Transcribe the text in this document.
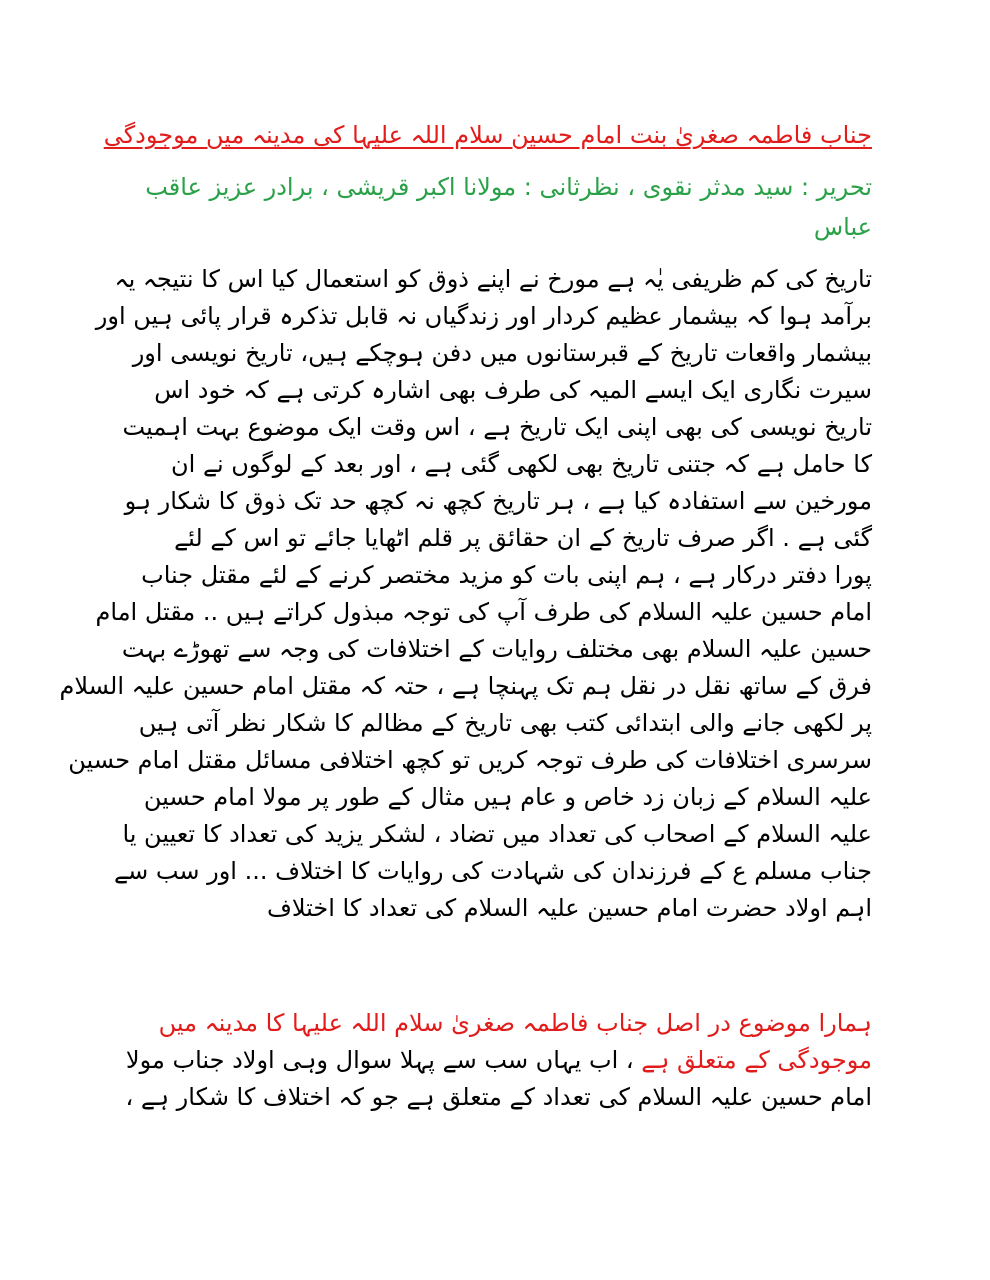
جناب فاطمہ صغریٰ بنت امام حسین سلام اللہ علیہا کی مدینہ میں موجودگی
تحریر : سید مدثر نقوی ، نظرثانی : مولانا اکبر قریشی ، برادر عزیز عاقب
عباس
تاریخ کی کم ظریفی یٰہ ہے مورخ نے اپنے ذوق کو استعمال کیا اس کا نتیجہ یہ
برآمد ہوا کہ بیشمار عظیم کردار اور زندگیاں نہ قابل تذکرہ قرار پائی ہیں اور
بیشمار واقعات تاریخ کے قبرستانوں میں دفن ہوچکے ہیں، تاریخ نویسی اور
سیرت نگاری ایک ایسے المیہ کی طرف بھی اشارہ کرتی ہے کہ خود اس
تاریخ نویسی کی بھی اپنی ایک تاریخ ہے ، اس وقت ایک موضوع بہت اہمیت
کا حامل ہے کہ جتنی تاریخ بھی لکھی گئی ہے ، اور بعد کے لوگوں نے ان
مورخین سے استفادہ کیا ہے ، ہر تاریخ کچھ نہ کچھ حد تک ذوق کا شکار ہو
گئی ہے . اگر صرف تاریخ کے ان حقائق پر قلم اٹھایا جائے تو اس کے لئے
پورا دفتر درکار ہے ، ہم اپنی بات کو مزید مختصر کرنے کے لئے مقتل جناب
امام حسین علیہ السلام کی طرف آپ کی توجہ مبذول کراتے ہیں .. مقتل امام
حسین علیہ السلام بھی مختلف روایات کے اختلافات کی وجہ سے تھوڑے بہت
فرق کے ساتھ نقل در نقل ہم تک پہنچا ہے ، حتہ کہ مقتل امام حسین علیہ السلام
پر لکھی جانے والی ابتدائی کتب بھی تاریخ کے مظالم کا شکار نظر آتی ہیں
سرسری اختلافات کی طرف توجہ کریں تو کچھ اختلافی مسائل مقتل امام حسین
علیہ السلام کے زبان زد خاص و عام ہیں مثال کے طور پر مولا امام حسین
علیہ السلام کے اصحاب کی تعداد میں تضاد ، لشکر یزید کی تعداد کا تعیین یا
جناب مسلم ع کے فرزندان کی شہادت کی روایات کا اختلاف ... اور سب سے
اہم اولاد حضرت امام حسین علیہ السلام کی تعداد کا اختلاف
ہمارا موضوع در اصل جناب فاطمہ صغریٰ سلام اللہ علیہا کا مدینہ میں
موجودگی کے متعلق ہے ، اب یہاں سب سے پہلا سوال وہی اولاد جناب مولا
امام حسین علیہ السلام کی تعداد کے متعلق ہے جو کہ اختلاف کا شکار ہے ،
